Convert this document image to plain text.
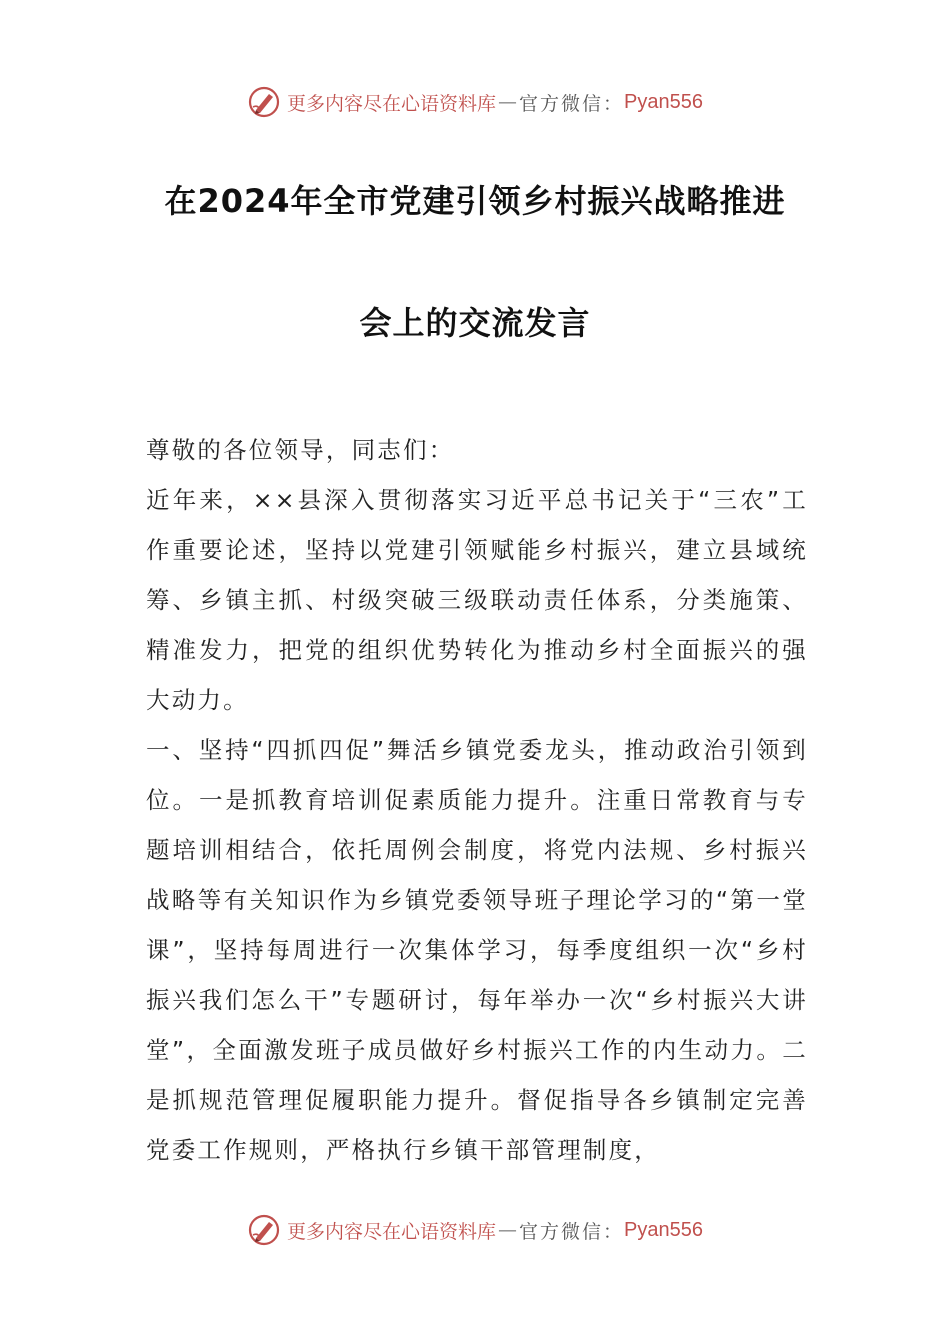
更多内容尽在心语资料库 — 官方微信： Pyan556
在2024年全市党建引领乡村振兴战略推进
会上的交流发言

尊敬的各位领导，同志们：

近年来，××县深入贯彻落实习近平总书记关于“三农”工作重要论述，坚持以党建引领赋能乡村振兴，建立县域统筹、乡镇主抓、村级突破三级联动责任体系，分类施策、精准发力，把党的组织优势转化为推动乡村全面振兴的强大动力。

一、坚持“四抓四促”舞活乡镇党委龙头，推动政治引领到位。一是抓教育培训促素质能力提升。注重日常教育与专题培训相结合，依托周例会制度，将党内法规、乡村振兴战略等有关知识作为乡镇党委领导班子理论学习的“第一堂课”，坚持每周进行一次集体学习，每季度组织一次“乡村振兴我们怎么干”专题研讨，每年举办一次“乡村振兴大讲堂”，全面激发班子成员做好乡村振兴工作的内生动力。二是抓规范管理促履职能力提升。督促指导各乡镇制定完善党委工作规则，严格执行乡镇干部管理制度，

更多内容尽在心语资料库 — 官方微信： Pyan556
